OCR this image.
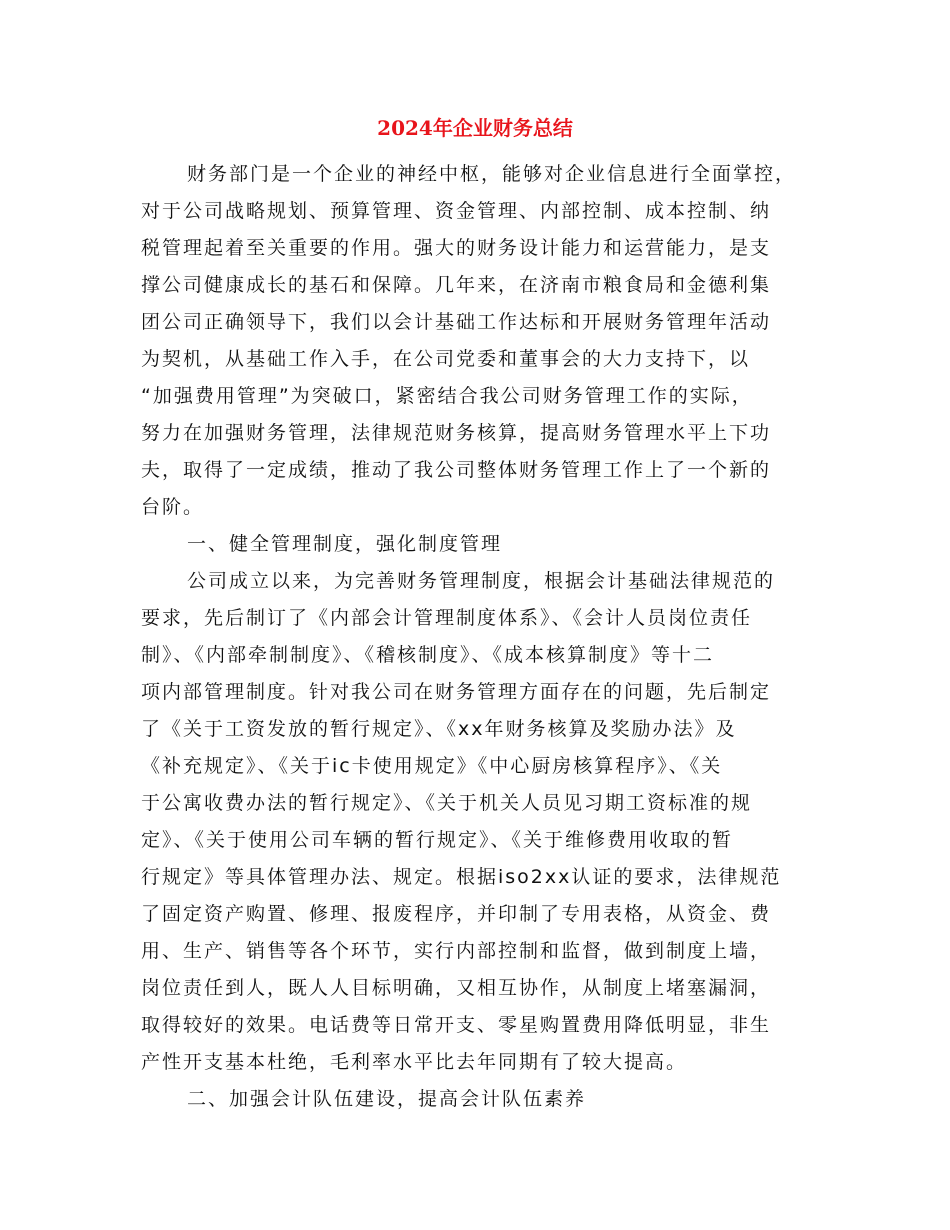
2024年企业财务总结
财务部门是一个企业的神经中枢，能够对企业信息进行全面掌控，
对于公司战略规划、预算管理、资金管理、内部控制、成本控制、纳
税管理起着至关重要的作用。强大的财务设计能力和运营能力，是支
撑公司健康成长的基石和保障。几年来，在济南市粮食局和金德利集
团公司正确领导下，我们以会计基础工作达标和开展财务管理年活动
为契机，从基础工作入手，在公司党委和董事会的大力支持下，以
“加强费用管理”为突破口，紧密结合我公司财务管理工作的实际，
努力在加强财务管理，法律规范财务核算，提高财务管理水平上下功
夫，取得了一定成绩，推动了我公司整体财务管理工作上了一个新的
台阶。
一、健全管理制度，强化制度管理
公司成立以来，为完善财务管理制度，根据会计基础法律规范的
要求，先后制订了《内部会计管理制度体系》、《会计人员岗位责任
制》、《内部牵制制度》、《稽核制度》、《成本核算制度》等十二
项内部管理制度。针对我公司在财务管理方面存在的问题，先后制定
了《关于工资发放的暂行规定》、《xx年财务核算及奖励办法》及
《补充规定》、《关于ic卡使用规定》《中心厨房核算程序》、《关
于公寓收费办法的暂行规定》、《关于机关人员见习期工资标准的规
定》、《关于使用公司车辆的暂行规定》、《关于维修费用收取的暂
行规定》等具体管理办法、规定。根据iso2xx认证的要求，法律规范
了固定资产购置、修理、报废程序，并印制了专用表格，从资金、费
用、生产、销售等各个环节，实行内部控制和监督，做到制度上墙，
岗位责任到人，既人人目标明确，又相互协作，从制度上堵塞漏洞，
取得较好的效果。电话费等日常开支、零星购置费用降低明显，非生
产性开支基本杜绝，毛利率水平比去年同期有了较大提高。
二、加强会计队伍建设，提高会计队伍素养
